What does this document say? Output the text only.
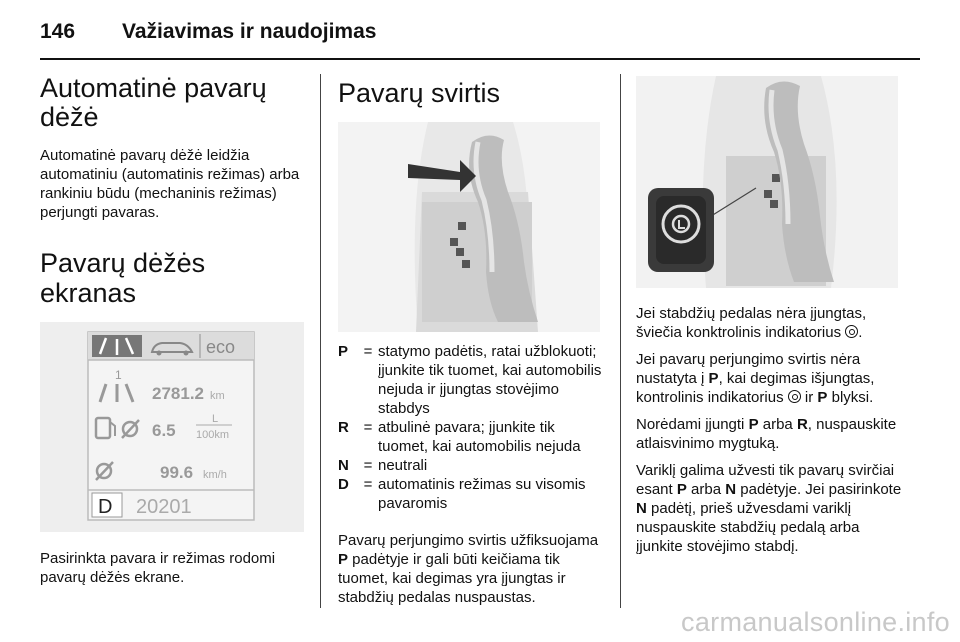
146 Važiavimas ir naudojimas
Automatinė pavarų dėžė

Automatinė pavarų dėžė leidžia automatiniu (automatinis režimas) arba rankiniu būdu (mechaninis režimas) perjungti pavaras.

Pavarų dėžės ekranas
eco
1
2781.2 km
6.5
L
100km
99.6 km/h
D 20201

Pasirinkta pavara ir režimas rodomi pavarų dėžės ekrane.

Pavarų svirtis
P	= statymo padėtis, ratai užblokuoti; įjunkite tik tuomet, kai automobilis nejuda ir įjungtas stovėjimo stabdys
R = atbulinė pavara; įjunkite tik tuomet, kai automobilis nejuda
N = neutrali
D = automatinis režimas su visomis pavaromis

Pavarų perjungimo svirtis užfiksuojama P padėtyje ir gali būti keičiama tik tuomet, kai degimas yra įjungtas ir stabdžių pedalas nuspaustas.

Jei stabdžių pedalas nėra įjungtas, šviečia konktrolinis indikatorius .

Jei pavarų perjungimo svirtis nėra nustatyta į P, kai degimas išjungtas, kontrolinis indikatorius ir P blyksi.

Norėdami įjungti P arba R, nuspauskite atlaisvinimo mygtuką.

Variklį galima užvesti tik pavarų svirčiai esant P arba N padėtyje. Jei pasirinkote N padėtį, prieš užvesdami variklį nuspauskite stabdžių pedalą arba įjunkite stovėjimo stabdį.

carmanualsonline.info
